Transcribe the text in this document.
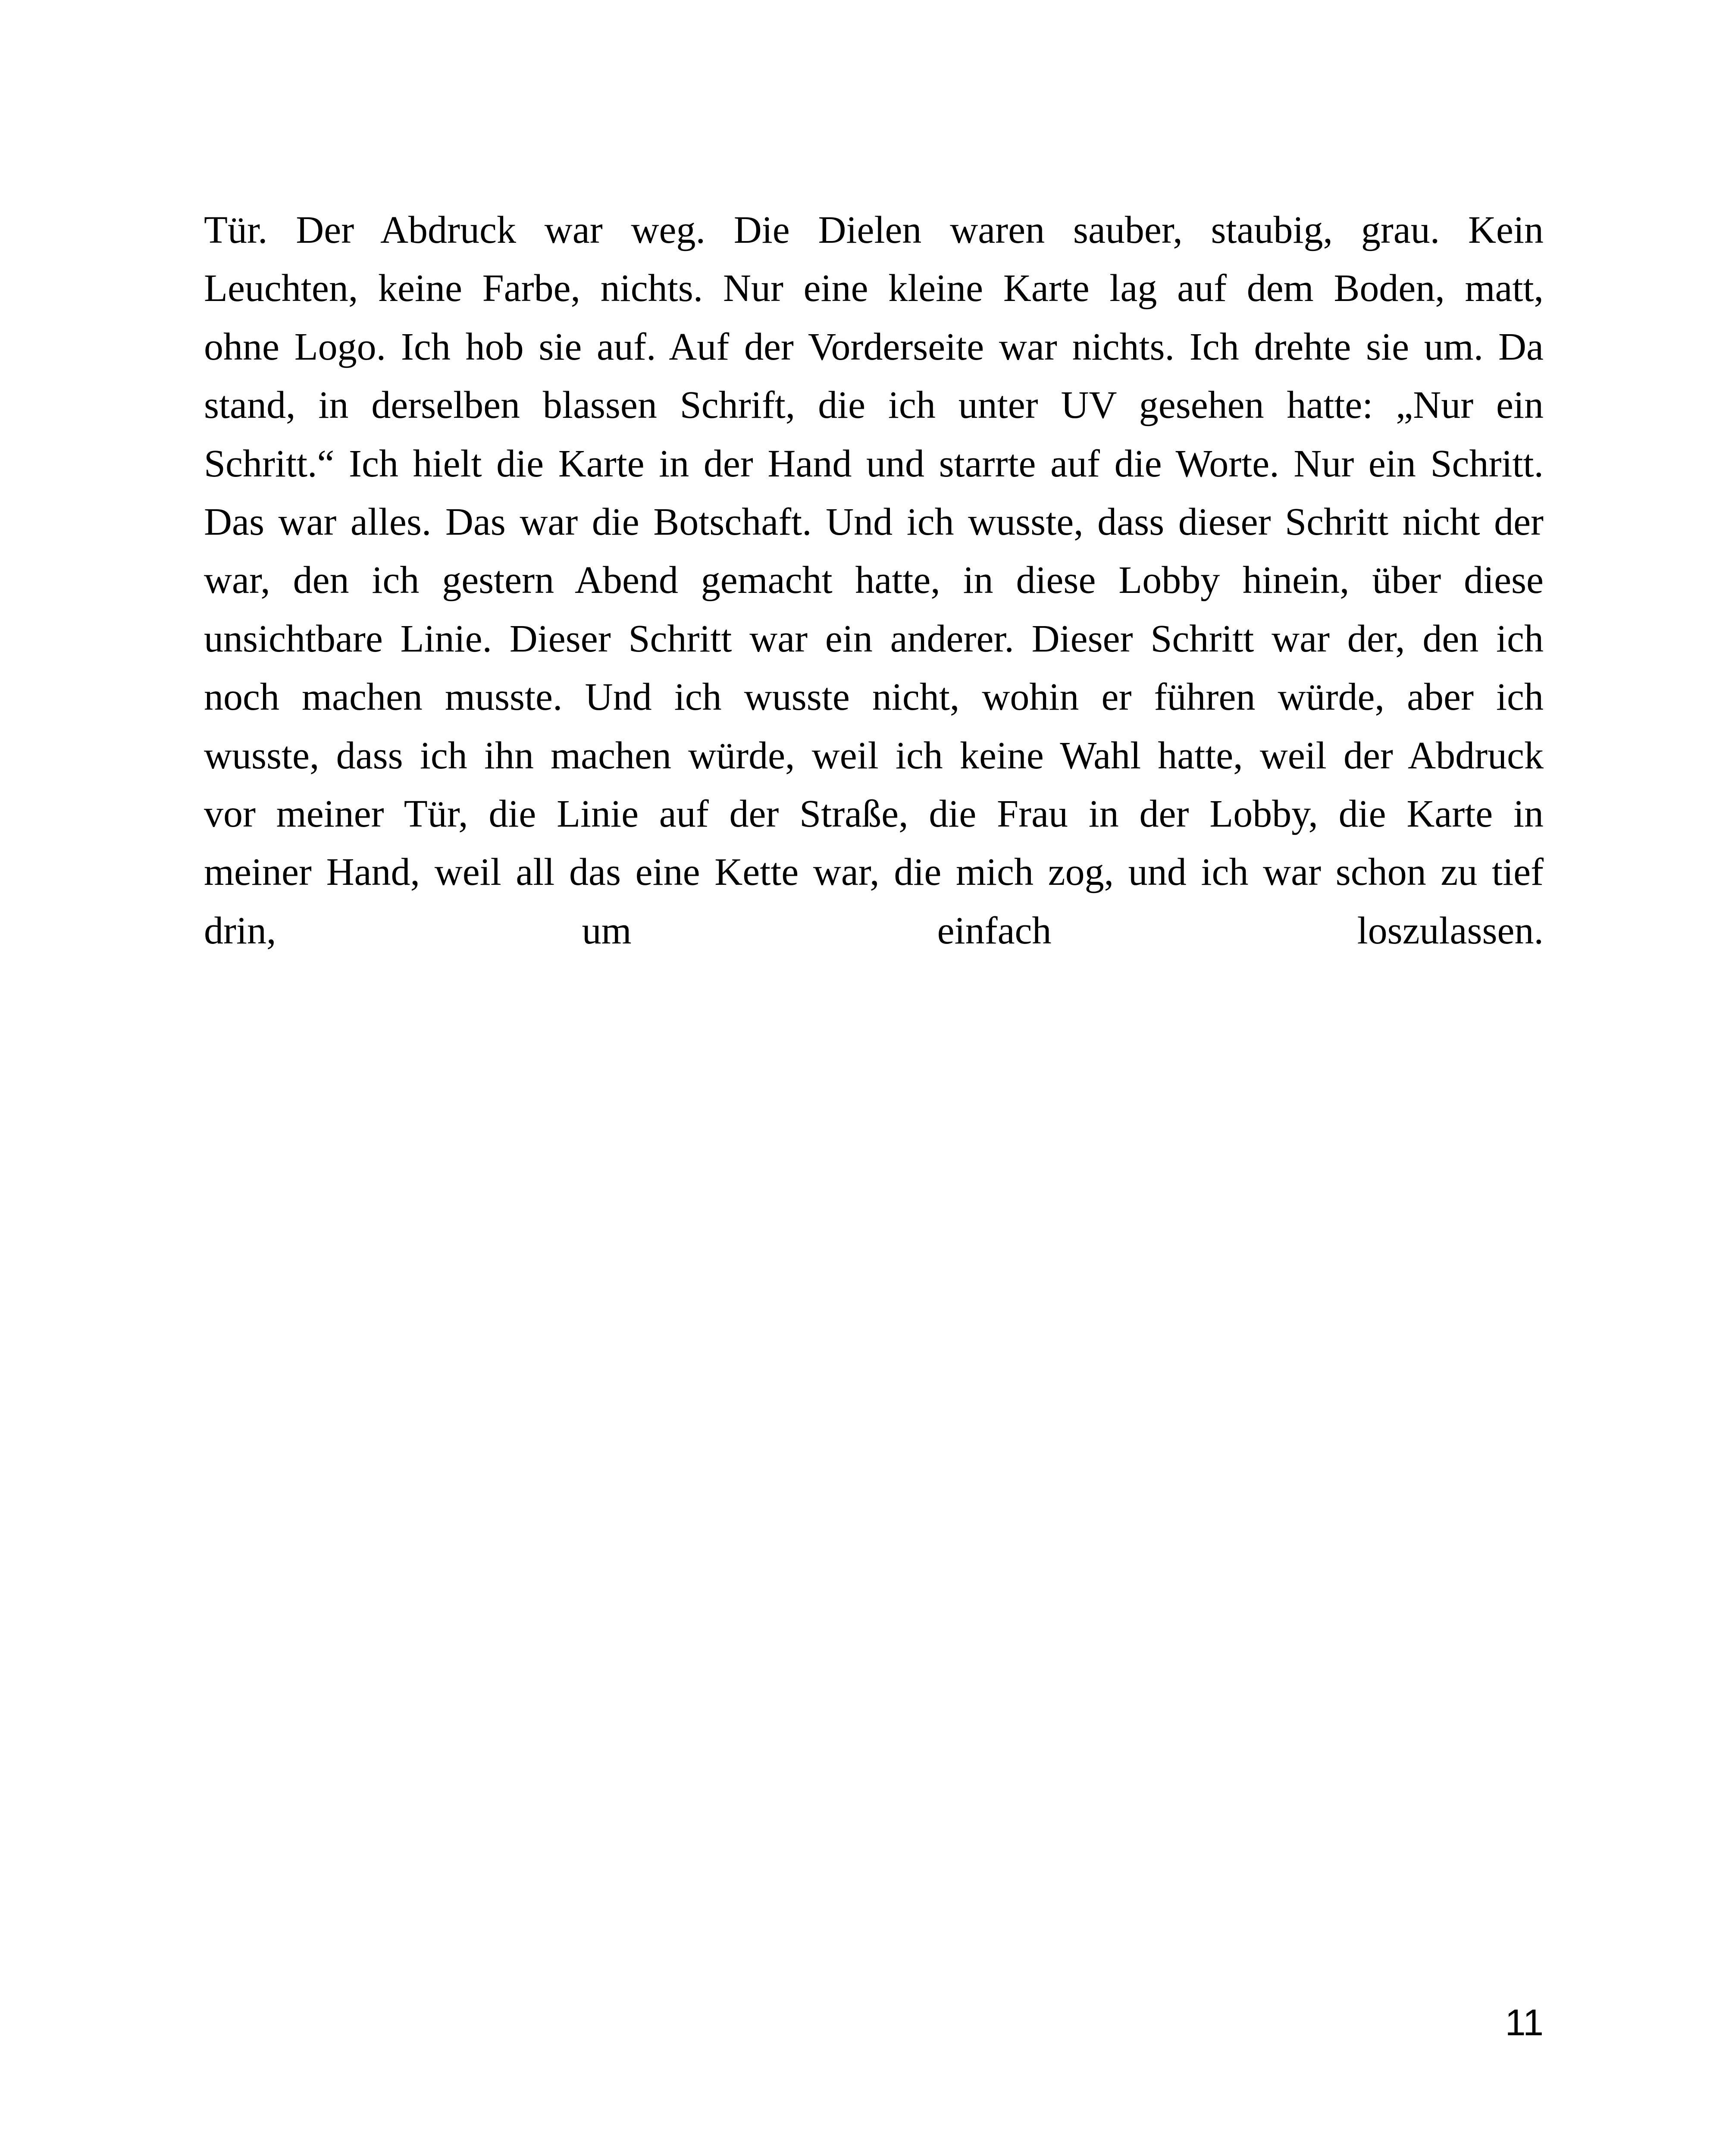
Tür. Der Abdruck war weg. Die Dielen waren sauber, staubig, grau. Kein
Leuchten, keine Farbe, nichts. Nur eine kleine Karte lag auf dem Boden, matt,
ohne Logo. Ich hob sie auf. Auf der Vorderseite war nichts. Ich drehte sie um. Da
stand, in derselben blassen Schrift, die ich unter UV gesehen hatte: „Nur ein
Schritt.“ Ich hielt die Karte in der Hand und starrte auf die Worte. Nur ein Schritt.
Das war alles. Das war die Botschaft. Und ich wusste, dass dieser Schritt nicht der
war, den ich gestern Abend gemacht hatte, in diese Lobby hinein, über diese
unsichtbare Linie. Dieser Schritt war ein anderer. Dieser Schritt war der, den ich
noch machen musste. Und ich wusste nicht, wohin er führen würde, aber ich
wusste, dass ich ihn machen würde, weil ich keine Wahl hatte, weil der Abdruck
vor meiner Tür, die Linie auf der Straße, die Frau in der Lobby, die Karte in
meiner Hand, weil all das eine Kette war, die mich zog, und ich war schon zu tief
drin, um einfach loszulassen.

11
